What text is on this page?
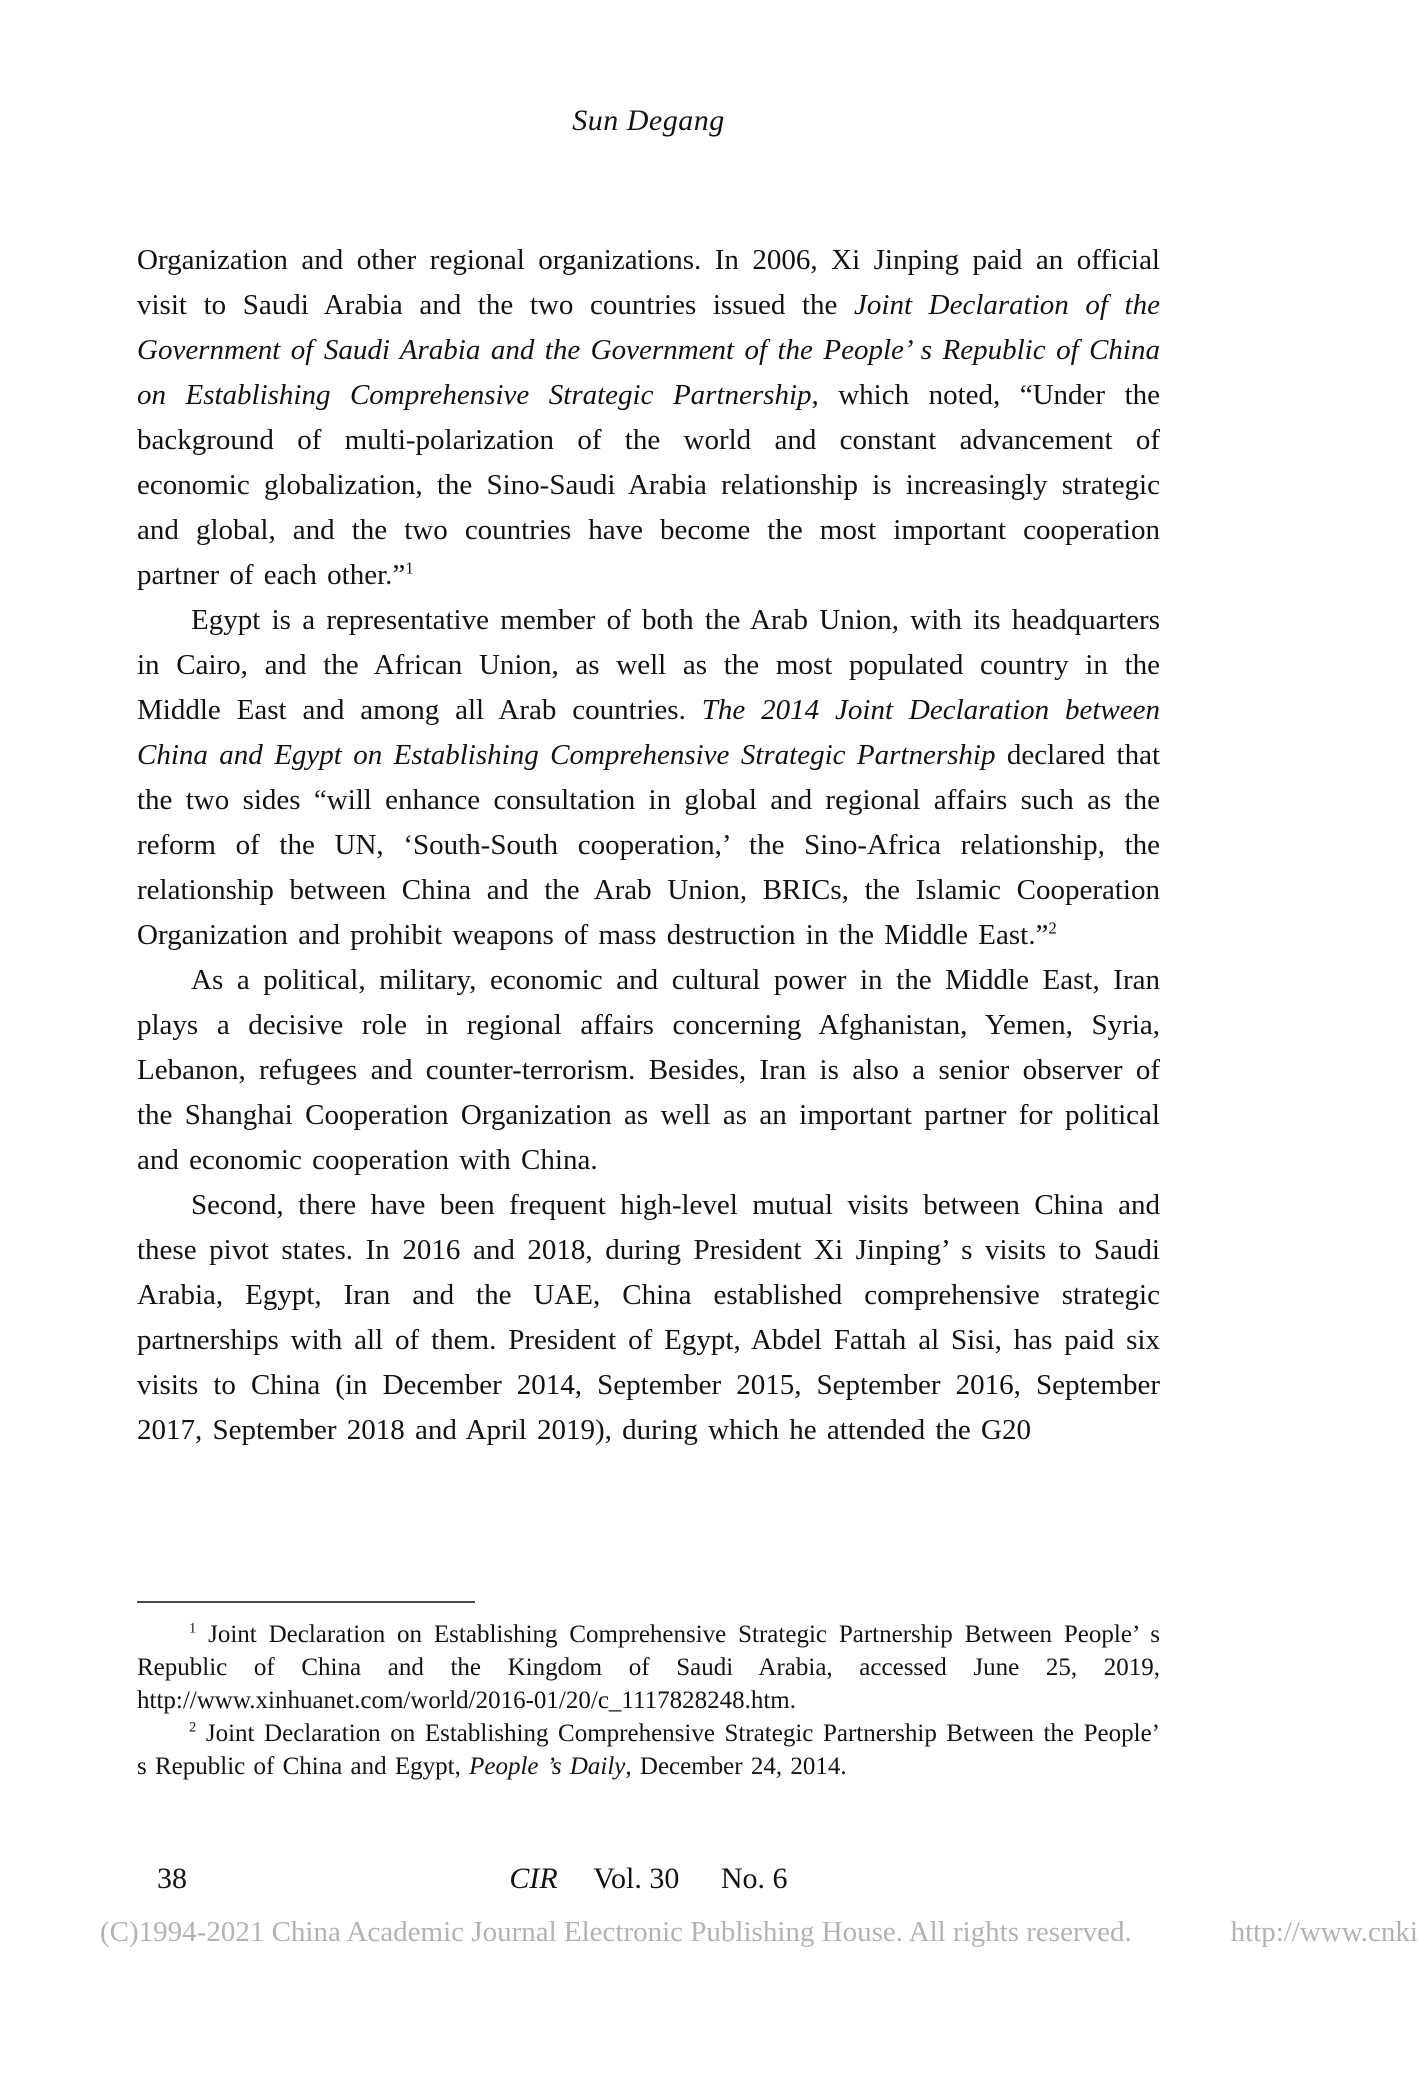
Sun Degang

Organization and other regional organizations. In 2006, Xi Jinping paid an official visit to Saudi Arabia and the two countries issued the Joint Declaration of the Government of Saudi Arabia and the Government of the People’ s Republic of China on Establishing Comprehensive Strategic Partnership, which noted, “Under the background of multi-polarization of the world and constant advancement of economic globalization, the Sino-Saudi Arabia relationship is increasingly strategic and global, and the two countries have become the most important cooperation partner of each other.”$^1$

Egypt is a representative member of both the Arab Union, with its headquarters in Cairo, and the African Union, as well as the most populated country in the Middle East and among all Arab countries. The 2014 Joint Declaration between China and Egypt on Establishing Comprehensive Strategic Partnership declared that the two sides “will enhance consultation in global and regional affairs such as the reform of the UN, ‘South-South cooperation,’ the Sino-Africa relationship, the relationship between China and the Arab Union, BRICs, the Islamic Cooperation Organization and prohibit weapons of mass destruction in the Middle East.”$^2$

As a political, military, economic and cultural power in the Middle East, Iran plays a decisive role in regional affairs concerning Afghanistan, Yemen, Syria, Lebanon, refugees and counter-terrorism. Besides, Iran is also a senior observer of the Shanghai Cooperation Organization as well as an important partner for political and economic cooperation with China.

Second, there have been frequent high-level mutual visits between China and these pivot states. In 2016 and 2018, during President Xi Jinping’ s visits to Saudi Arabia, Egypt, Iran and the UAE, China established comprehensive strategic partnerships with all of them. President of Egypt, Abdel Fattah al Sisi, has paid six visits to China (in December 2014, September 2015, September 2016, September 2017, September 2018 and April 2019), during which he attended the G20

$^1$ Joint Declaration on Establishing Comprehensive Strategic Partnership Between People’ s Republic of China and the Kingdom of Saudi Arabia, accessed June 25, 2019, http://www.xinhuanet.com/world/2016-01/20/c_1117828248.htm.

$^2$ Joint Declaration on Establishing Comprehensive Strategic Partnership Between the People’ s Republic of China and Egypt, People ’s Daily, December 24, 2014.

38	CIR Vol. 30 No. 6
(C)1994-2021 China Academic Journal Electronic Publishing House. All rights reserved.	http://www.cnki
